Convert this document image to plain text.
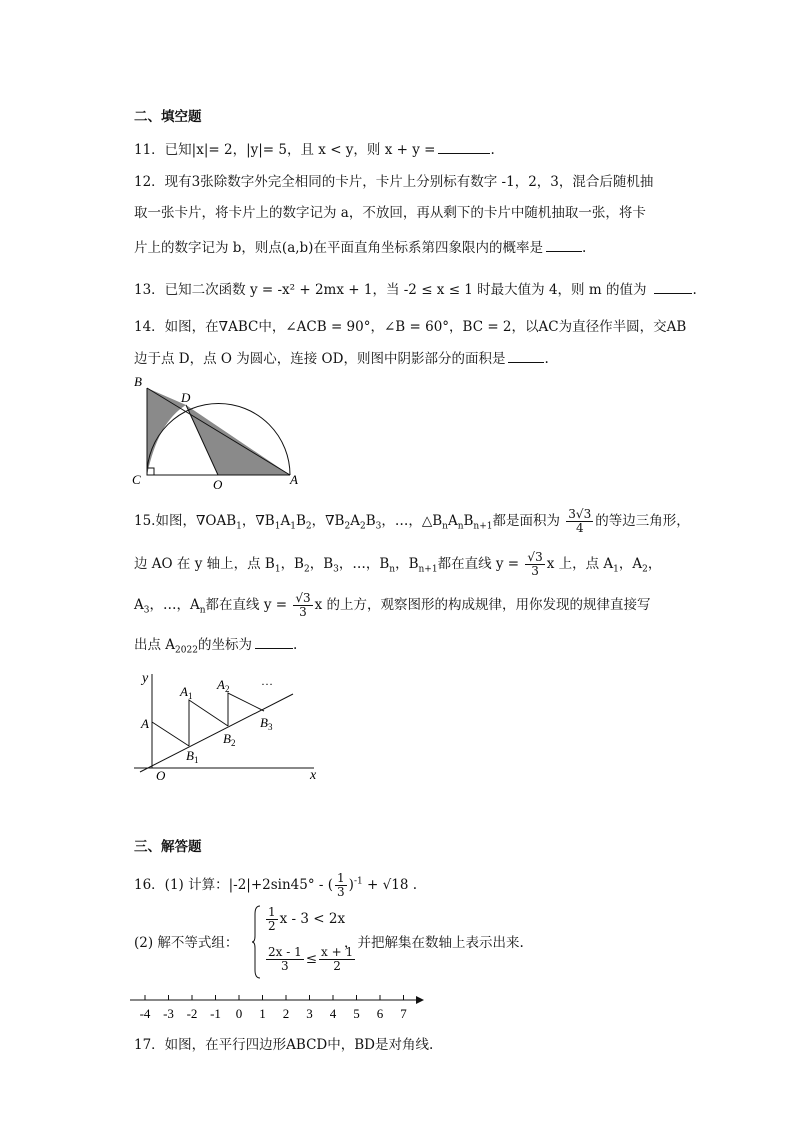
二、填空题
11．已知|x|= 2，|y|= 5，且 x < y，则 x + y =	.
12．现有3张除数字外完全相同的卡片，卡片上分别标有数字 -1，2，3，混合后随机抽
取一张卡片，将卡片上的数字记为 a，不放回，再从剩下的卡片中随机抽取一张，将卡
片上的数字记为 b，则点(a,b)在平面直角坐标系第四象限内的概率是	.
13．已知二次函数 y = -x² + 2mx + 1，当 -2 ≤ x ≤ 1 时最大值为 4，则 m 的值为	.
14．如图，在∇ABC中，∠ACB = 90°，∠B = 60°，BC = 2，以AC为直径作半圆，交AB
边于点 D，点 O 为圆心，连接 OD，则图中阴影部分的面积是	.
B
D
C	O	A
15.如图，$\nabla OAB_1$，$\nabla B_1A_1B_2$，$\nabla B_2A_2B_3$，…，$\triangle B_nA_nB_{n+1}$都是面积为 $\frac{3√3}{4}$ 的等边三角形，
边 AO 在 y 轴上，点 $B_1$，$B_2$，$B_3$，…，$B_n$，$B_{n+1}$都在直线 $y = \frac{√3}{3}$ x 上，点 $A_1$，$A_2$，
$A_3$，…，$A_n$都在直线 $y = \frac{√3}{3}$ x 的上方，观察图形的构成规律，用你发现的规律直接写
出点 $A_{2022}$的坐标为	.
y
x
O
A
$A_1$
$A_2$
…
$B_1$
$B_2$
$B_3$
三、解答题
16．(1) 计算：|-2|+2sin45° - ( $\frac{1}{3} )^{-1} + √18$ .
(2) 解不等式组：
$\frac{1}{2}$ x - 3 < 2x
$\frac{2x - 1}{3} \le \frac{x + 1}{2}$
，并把解集在数轴上表示出来.
-4 -3 -2 -1 0 1 2 3 4 5 6 7
17．如图，在平行四边形ABCD中，BD是对角线.
